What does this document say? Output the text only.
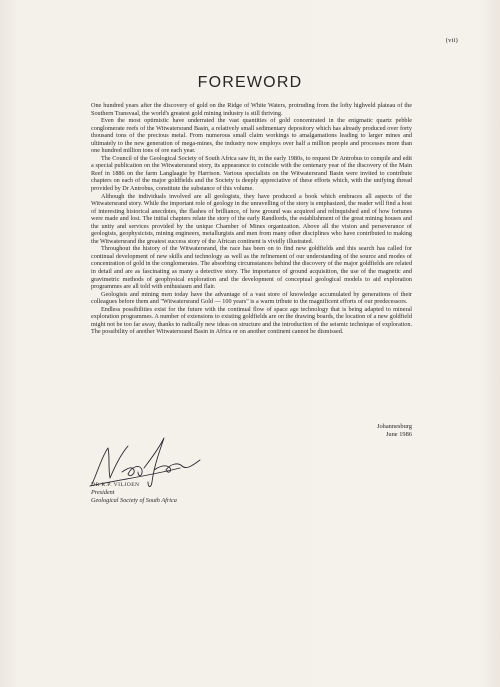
(vii)
FOREWORD

One hundred years after the discovery of gold on the Ridge of White Waters, protruding from the lofty highveld plateau of the Southern Transvaal, the world's greatest gold mining industry is still thriving.

Even the most optimistic have underrated the vast quantities of gold concentrated in the enigmatic quartz pebble conglomerate reefs of the Witwatersrand Basin, a relatively small sedimentary depository which has already produced over forty thousand tons of the precious metal. From numerous small claim workings to amalgamations leading to larger mines and ultimately to the new generation of mega-mines, the industry now employs over half a million people and processes more than one hundred million tons of ore each year.

The Council of the Geological Society of South Africa saw fit, in the early 1980s, to request Dr Antrobus to compile and edit a special publication on the Witwatersrand story, its appearance to coincide with the centenary year of the discovery of the Main Reef in 1886 on the farm Langlaagte by Harrison. Various specialists on the Witwatersrand Basin were invited to contribute chapters on each of the major goldfields and the Society is deeply appreciative of these efforts which, with the unifying thread provided by Dr Antrobus, constitute the substance of this volume.

Although the individuals involved are all geologists, they have produced a book which embraces all aspects of the Witwatersrand story. While the important role of geology in the unravelling of the story is emphasized, the reader will find a host of interesting historical anecdotes, the flashes of brilliance, of how ground was acquired and relinquished and of how fortunes were made and lost. The initial chapters relate the story of the early Randlords, the establishment of the great mining houses and the unity and services provided by the unique Chamber of Mines organization. Above all the vision and perseverance of geologists, geophysicists, mining engineers, metallurgists and men from many other disciplines who have contributed to making the Witwatersrand the greatest success story of the African continent is vividly illustrated.

Throughout the history of the Witwatersrand, the race has been on to find new goldfields and this search has called for continual development of new skills and technology as well as the refinement of our understanding of the source and modes of concentration of gold in the conglomerates. The absorbing circumstances behind the discovery of the major goldfields are related in detail and are as fascinating as many a detective story. The importance of ground acquisition, the use of the magnetic and gravimetric methods of geophysical exploration and the development of conceptual geological models to aid exploration programmes are all told with enthusiasm and flair.

Geologists and mining men today have the advantage of a vast store of knowledge accumulated by generations of their colleagues before them and "Witwatersrand Gold — 100 years" is a warm tribute to the magnificent efforts of our predecessors.

Endless possibilities exist for the future with the continual flow of space age technology that is being adapted to mineral exploration programmes. A number of extensions to existing goldfields are on the drawing boards, the location of a new goldfield might not be too far away, thanks to radically new ideas on structure and the introduction of the seismic technique of exploration. The possibility of another Witwatersrand Basin in Africa or on another continent cannot be dismissed.

Johannesburg
June 1986
DR R.P. VILJOEN
President
Geological Society of South Africa
